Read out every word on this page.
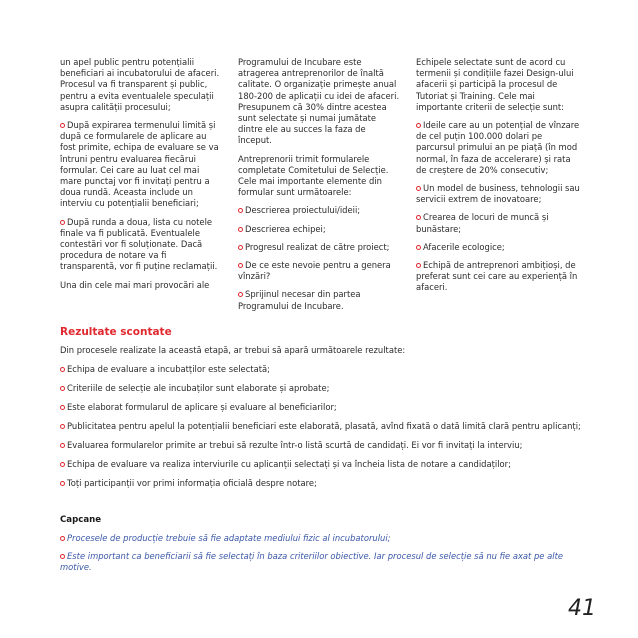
un apel public pentru potențialii beneficiari ai incubatorului de afaceri. Procesul va fi transparent și public, pentru a evita eventualele speculații asupra calității procesului;

După expirarea termenului limită și după ce formularele de aplicare au fost primite, echipa de evaluare se va întruni pentru evaluarea fiecărui formular. Cei care au luat cel mai mare punctaj vor fi invitați pentru a doua rundă. Aceasta include un interviu cu potențialii beneficiari;

După runda a doua, lista cu notele finale va fi publicată. Eventualele contestări vor fi soluționate. Dacă procedura de notare va fi transparentă, vor fi puține reclamații.

Una din cele mai mari provocări ale

Programului de Incubare este atragerea antreprenorilor de înaltă calitate. O organizație primește anual 180-200 de aplicații cu idei de afaceri. Presupunem că 30% dintre acestea sunt selectate și numai jumătate dintre ele au succes la faza de început.

Antreprenorii trimit formularele completate Comitetului de Selecție. Cele mai importante elemente din formular sunt următoarele:

Descrierea proiectului/ideii;

Descrierea echipei;

Progresul realizat de către proiect;

De ce este nevoie pentru a genera vînzări?

Sprijinul necesar din partea Programului de Incubare.

Echipele selectate sunt de acord cu termenii și condițiile fazei Design-ului afacerii și participă la procesul de Tutoriat și Training. Cele mai importante criterii de selecție sunt:

Ideile care au un potențial de vînzare de cel puțin 100.000 dolari pe parcursul primului an pe piață (în mod normal, în faza de accelerare) și rata de creștere de 20% consecutiv;

Un model de business, tehnologii sau servicii extrem de inovatoare;

Crearea de locuri de muncă și bunăstare;

Afacerile ecologice;

Echipă de antreprenori ambițioși, de preferat sunt cei care au experiență în afaceri.

Rezultate scontate
Din procesele realizate la această etapă, ar trebui să apară următoarele rezultate:
Echipa de evaluare a incubatților este selectată;
Criteriile de selecție ale incubaților sunt elaborate și aprobate;
Este elaborat formularul de aplicare și evaluare al beneficiarilor;
Publicitatea pentru apelul la potențialii beneficiari este elaborată, plasată, avînd fixată o dată limită clară pentru aplicanți;
Evaluarea formularelor primite ar trebui să rezulte într-o listă scurtă de candidați. Ei vor fi invitați la interviu;
Echipa de evaluare va realiza interviurile cu aplicanții selectați și va încheia lista de notare a candidaților;
Toți participanții vor primi informația oficială despre notare;
Capcane
Procesele de producție trebuie să fie adaptate mediului fizic al incubatorului;
Este important ca beneficiarii să fie selectați în baza criteriilor obiective. Iar procesul de selecție să nu fie axat pe alte motive.
41
